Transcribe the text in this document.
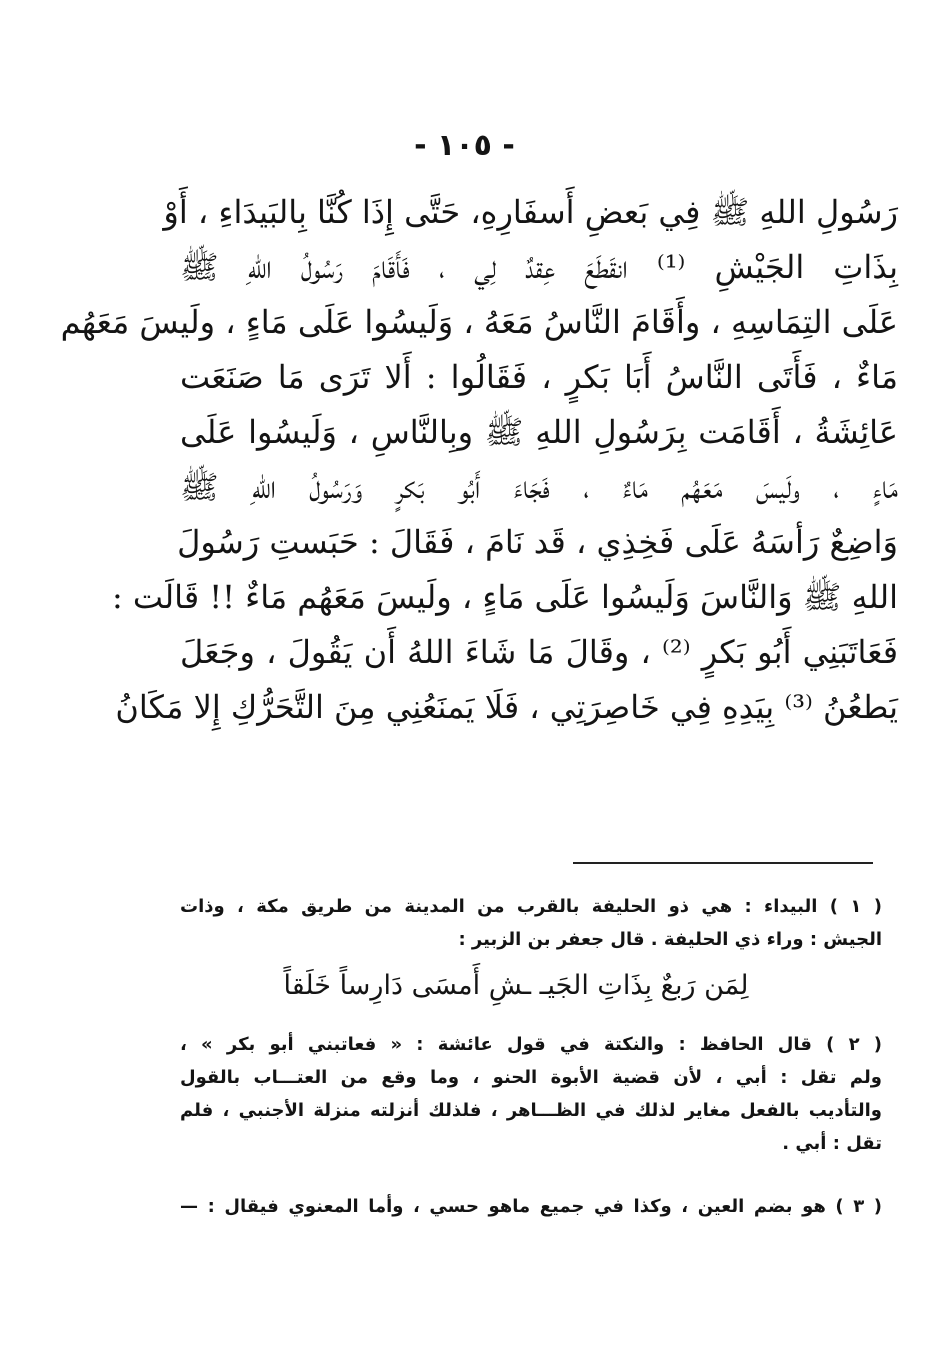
- ١٠٥ -
رَسُولِ اللهِ ﷺ فِي بَعضِ أَسفَارِهِ، حَتَّى إِذَا كُنَّا بِالبَيدَاءِ ، أَوْ
بِذَاتِ الجَيْشِ ⁽¹⁾ انقَطَعَ عِقدٌ لِي ، فَأَقَامَ رَسُولُ اللهِ ﷺ
عَلَى التِمَاسِهِ ، وأَقَامَ النَّاسُ مَعَهُ ، وَلَيسُوا عَلَى مَاءٍ ، ولَيسَ مَعَهُم
مَاءٌ ، فَأَتَى النَّاسُ أَبَا بَكرٍ ، فَقَالُوا : أَلا تَرَى مَا صَنَعَت
عَائِشَةُ ، أَقَامَت بِرَسُولِ اللهِ ﷺ وبِالنَّاسِ ، وَلَيسُوا عَلَى
مَاءٍ ، ولَيسَ مَعَهُم مَاءٌ ، فَجَاءَ أَبُو بَكرٍ وَرَسُولُ اللهِ ﷺ
وَاضِعٌ رَأسَهُ عَلَى فَخِذِي ، قَد نَامَ ، فَقَالَ : حَبَستِ رَسُولَ
اللهِ ﷺ وَالنَّاسَ وَلَيسُوا عَلَى مَاءٍ ، ولَيسَ مَعَهُم مَاءٌ !! قَالَت :
فَعَاتَبَنِي أَبُو بَكرٍ ⁽²⁾ ، وقَالَ مَا شَاءَ اللهُ أَن يَقُولَ ، وجَعَلَ
يَطعُنُ ⁽³⁾ بِيَدِهِ فِي خَاصِرَتِي ، فَلَا يَمنَعُنِي مِنَ التَّحَرُّكِ إِلا مَكَانُ
( ١ ) البيداء : هي ذو الحليفة بالقرب من المدينة من طريق مكة ، وذات
الجيش : وراء ذي الحليفة . قال جعفر بن الزبير :
لِمَن رَبعٌ بِذَاتِ الجَيـ ـشِ أَمسَى دَارِساً خَلَقاً
( ٢ ) قال الحافظ : والنكتة في قول عائشة : « فعاتبني أبو بكر » ،
ولم تقل : أبي ، لأن قضية الأبوة الحنو ، وما وقع من العتـــاب بالقول
والتأديب بالفعل مغاير لذلك في الظـــاهر ، فلذلك أنزلته منزلة الأجنبي ، فلم
تقل : أبي .
( ٣ ) هو بضم العين ، وكذا في جميع ماهو حسي ، وأما المعنوي فيقال : —
